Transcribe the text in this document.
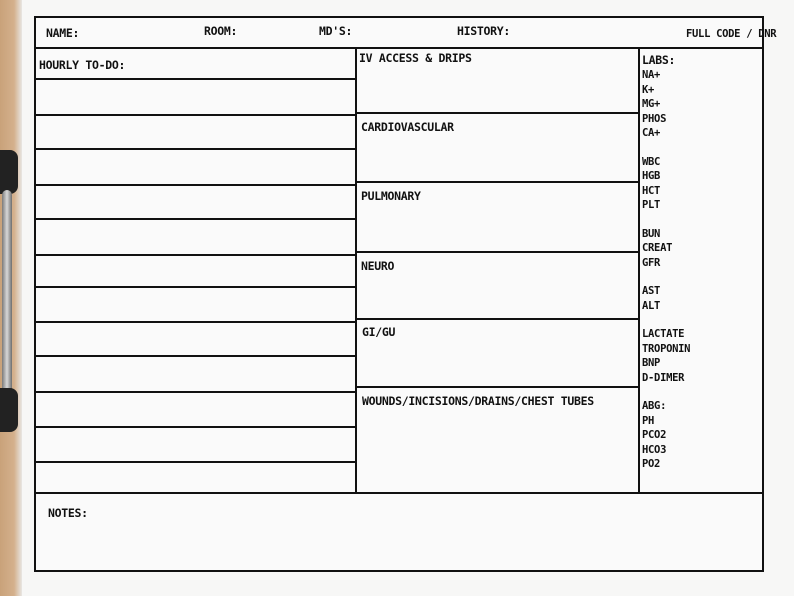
NAME:	ROOM:	MD'S:	HISTORY:	FULL CODE / DNR
HOURLY TO-DO:	IV ACCESS & DRIPS
CARDIOVASCULAR
PULMONARY
NEURO
GI/GU
WOUNDS/INCISIONS/DRAINS/CHEST TUBES
LABS:
NA+
K+
MG+
PHOS
CA+
WBC
HGB
HCT
PLT
BUN
CREAT
GFR
AST
ALT
LACTATE
TROPONIN
BNP
D-DIMER
ABG:
PH
PCO2
HCO3
PO2
NOTES:
